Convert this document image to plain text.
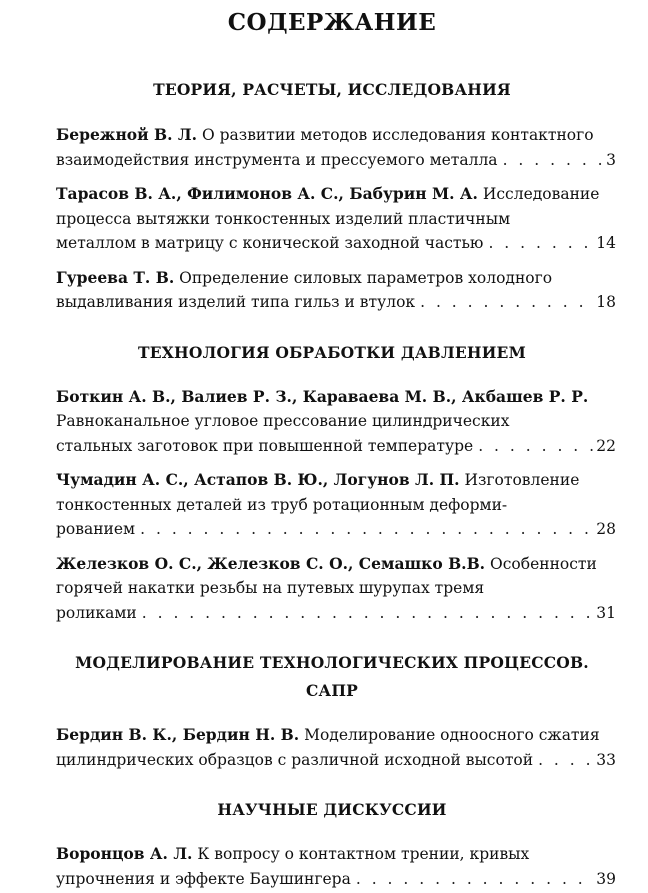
СОДЕРЖАНИЕ
ТЕОРИЯ, РАСЧЕТЫ, ИССЛЕДОВАНИЯ
Бережной В. Л. О развитии методов исследования контактного
взаимодействия инструмента и прессуемого металла . . .	3
Тарасов В. А., Филимонов А. С., Бабурин М. А. Исследование
процесса вытяжки тонкостенных изделий пластичным
металлом в матрицу с конической заходной частью . . .	14
Гуреева Т. В. Определение силовых параметров холодного
выдавливания изделий типа гильз и втулок . . .	18
ТЕХНОЛОГИЯ ОБРАБОТКИ ДАВЛЕНИЕМ
Боткин А. В., Валиев Р. З., Караваева М. В., Акбашев Р. Р.
Равноканальное угловое прессование цилиндрических
стальных заготовок при повышенной температуре . . .	22
Чумадин А. С., Астапов В. Ю., Логунов Л. П. Изготовление
тонкостенных деталей из труб ротационным деформи-
рованием . . .	28
Железков О. С., Железков С. О., Семашко В.В. Особенности
горячей накатки резьбы на путевых шурупах тремя
роликами . . .	31
МОДЕЛИРОВАНИЕ ТЕХНОЛОГИЧЕСКИХ ПРОЦЕССОВ.
САПР
Бердин В. К., Бердин Н. В. Моделирование одноосного сжатия
цилиндрических образцов с различной исходной высотой . . .	33
НАУЧНЫЕ ДИСКУССИИ
Воронцов А. Л. К вопросу о контактном трении, кривых
упрочнения и эффекте Баушингера . . .	39
